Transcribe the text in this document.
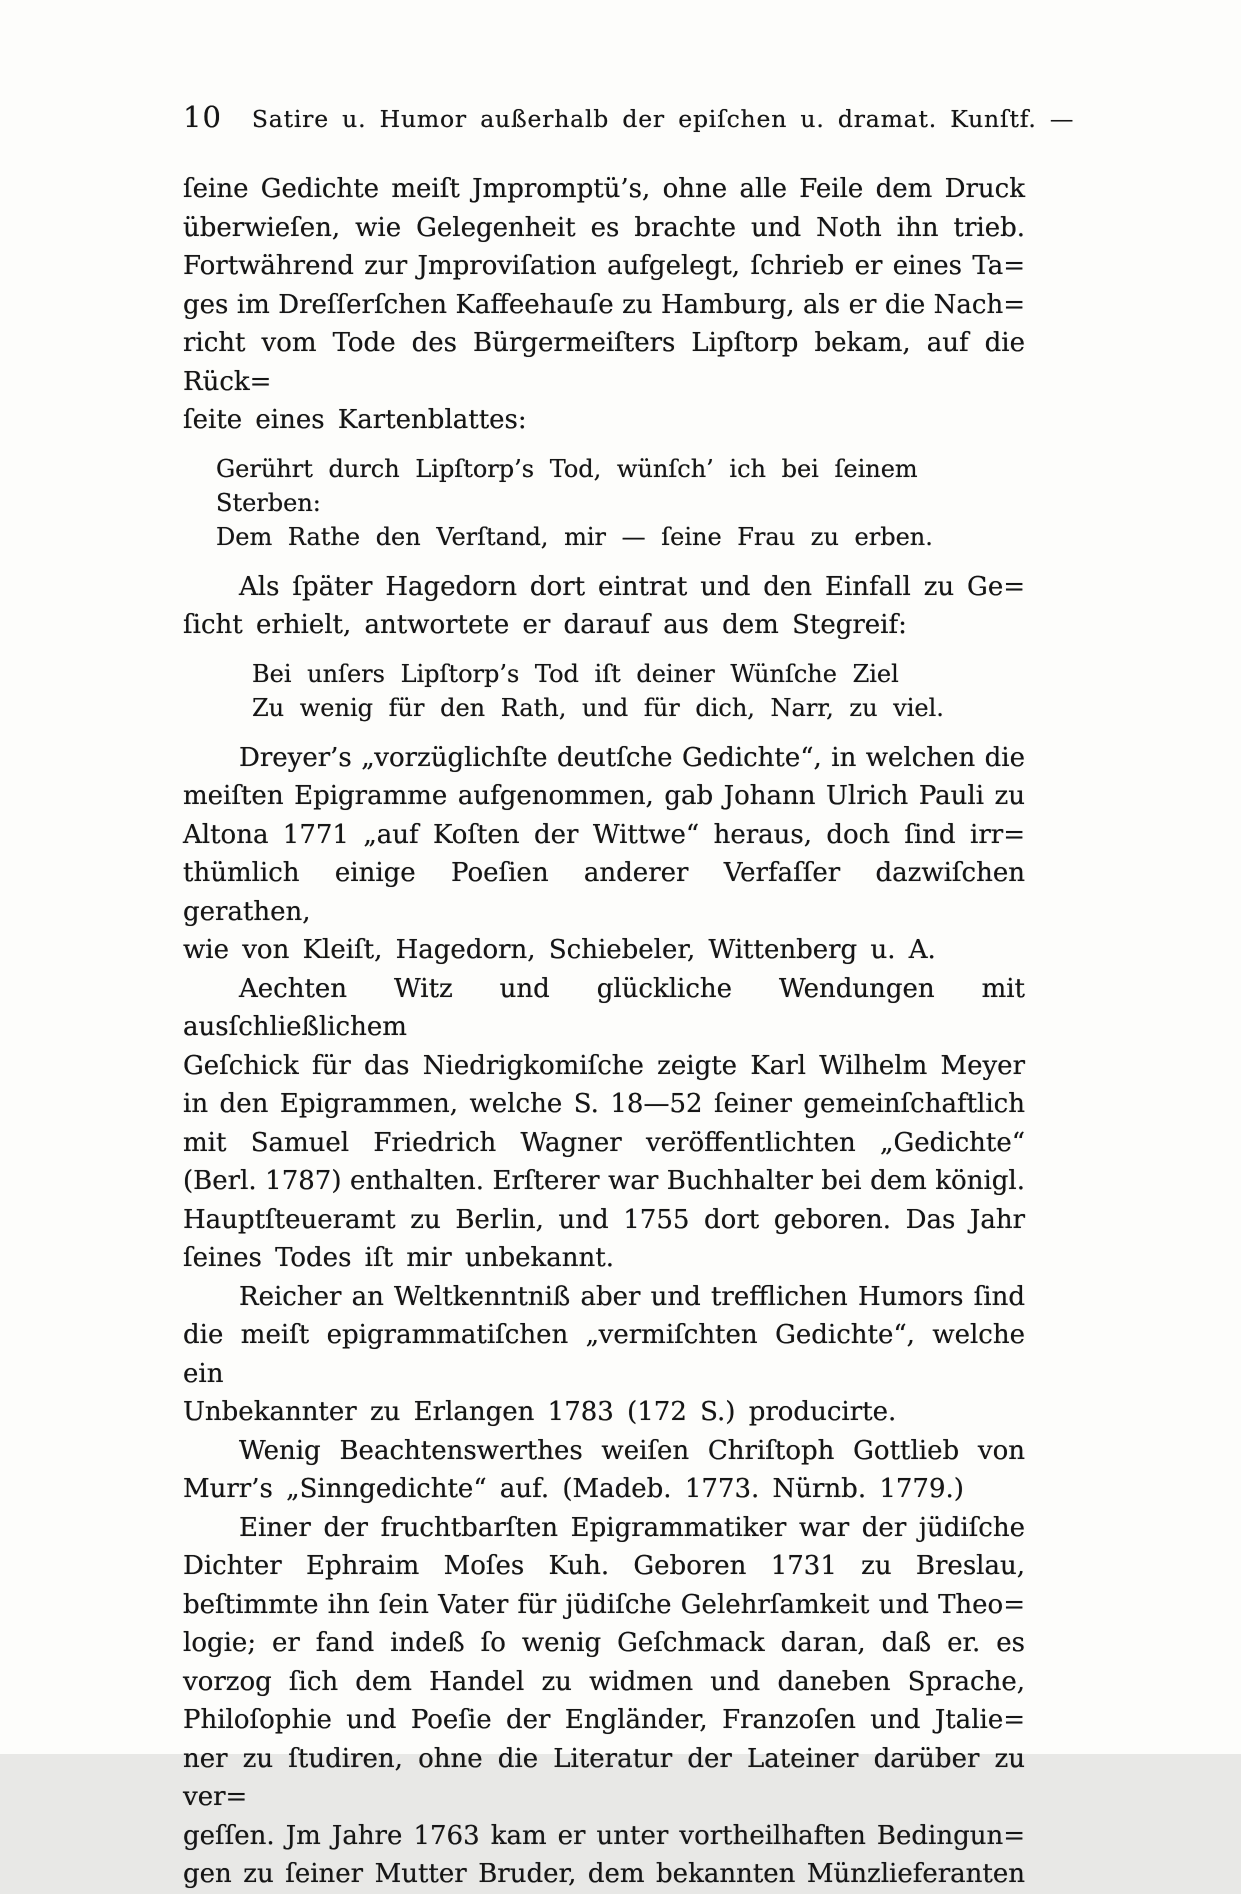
10 Satire u. Humor außerhalb der epiſchen u. dramat. Kunſtf. —
ſeine Gedichte meiſt Jmpromptü’s, ohne alle Feile dem Druck
überwieſen, wie Gelegenheit es brachte und Noth ihn trieb.
Fortwährend zur Jmproviſation aufgelegt, ſchrieb er eines Ta=
ges im Dreſſerſchen Kaffeehauſe zu Hamburg, als er die Nach=
richt vom Tode des Bürgermeiſters Lipſtorp bekam, auf die Rück=
ſeite eines Kartenblattes:
Gerührt durch Lipſtorp’s Tod, wünſch’ ich bei ſeinem Sterben:
Dem Rathe den Verſtand, mir — ſeine Frau zu erben.
Als ſpäter Hagedorn dort eintrat und den Einfall zu Ge=
ſicht erhielt, antwortete er darauf aus dem Stegreif:
Bei unſers Lipſtorp’s Tod iſt deiner Wünſche Ziel
Zu wenig für den Rath, und für dich, Narr, zu viel.
Dreyer’s „vorzüglichſte deutſche Gedichte“, in welchen die
meiſten Epigramme aufgenommen, gab Johann Ulrich Pauli zu
Altona 1771 „auf Koſten der Wittwe“ heraus, doch ſind irr=
thümlich einige Poeſien anderer Verfaſſer dazwiſchen gerathen,
wie von Kleiſt, Hagedorn, Schiebeler, Wittenberg u. A.
Aechten Witz und glückliche Wendungen mit ausſchließlichem
Geſchick für das Niedrigkomiſche zeigte Karl Wilhelm Meyer
in den Epigrammen, welche S. 18—52 ſeiner gemeinſchaftlich
mit Samuel Friedrich Wagner veröffentlichten „Gedichte“
(Berl. 1787) enthalten. Erſterer war Buchhalter bei dem königl.
Hauptſteueramt zu Berlin, und 1755 dort geboren. Das Jahr
ſeines Todes iſt mir unbekannt.
Reicher an Weltkenntniß aber und trefflichen Humors ſind
die meiſt epigrammatiſchen „vermiſchten Gedichte“, welche ein
Unbekannter zu Erlangen 1783 (172 S.) producirte.
Wenig Beachtenswerthes weiſen Chriſtoph Gottlieb von
Murr’s „Sinngedichte“ auf. (Madeb. 1773. Nürnb. 1779.)
Einer der fruchtbarſten Epigrammatiker war der jüdiſche
Dichter Ephraim Moſes Kuh. Geboren 1731 zu Breslau,
beſtimmte ihn ſein Vater für jüdiſche Gelehrſamkeit und Theo=
logie; er fand indeß ſo wenig Geſchmack daran, daß er. es
vorzog ſich dem Handel zu widmen und daneben Sprache,
Philoſophie und Poeſie der Engländer, Franzoſen und Jtalie=
ner zu ſtudiren, ohne die Literatur der Lateiner darüber zu ver=
geſſen. Jm Jahre 1763 kam er unter vortheilhaften Bedingun=
gen zu ſeiner Mutter Bruder, dem bekannten Münzlieferanten
